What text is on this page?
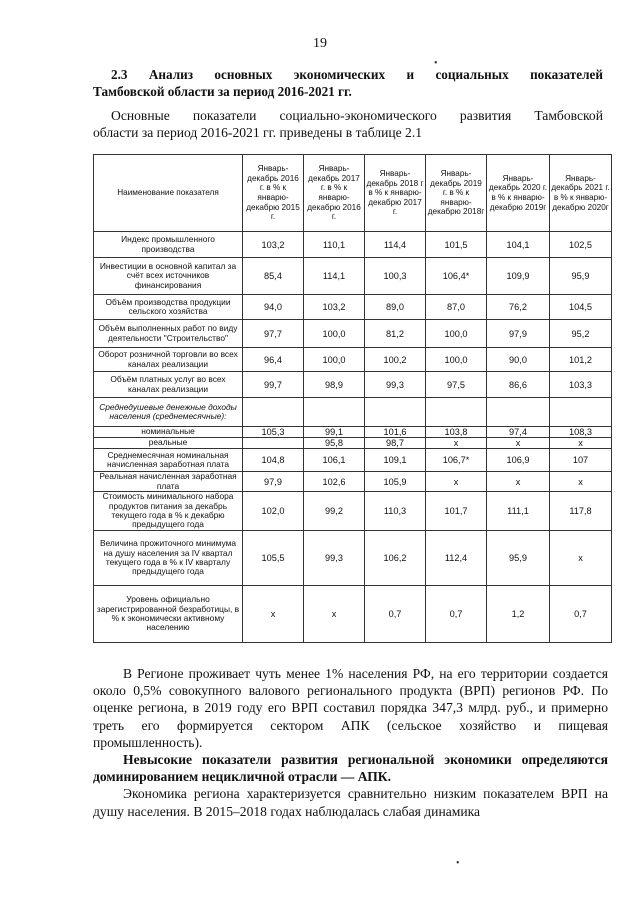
19
•
2.3 Анализ основных экономических и социальных показателей
Тамбовской области за период 2016-2021 гг.
Основные показатели социально-экономического развития Тамбовской
области за период 2016-2021 гг. приведены в таблице 2.1
Наименование показателя	Январь-декабрь 2016 г. в % к январю-декабрю 2015 г.	Январь-декабрь 2017 г. в % к январю-декабрю 2016 г.	Январь-декабрь 2018 г в % к январю-декабрю 2017 г.	Январь-декабрь 2019 г. в % к январю-декабрю 2018г	Январь-декабрь 2020 г. в % к январю-декабрю 2019г	Январь-декабрь 2021 г. в % к январю-декабрю 2020г
Индекс промышленного производства	103,2	110,1	114,4	101,5	104,1	102,5
Инвестиции в основной капитал за счёт всех источников финансирования	85,4	114,1	100,3	106,4*	109,9	95,9
Объём производства продукции сельского хозяйства	94,0	103,2	89,0	87,0	76,2	104,5
Объём выполненных работ по виду деятельности "Строительство"	97,7	100,0	81,2	100,0	97,9	95,2
Оборот розничной торговли во всех каналах реализации	96,4	100,0	100,2	100,0	90,0	101,2
Объём платных услуг во всех каналах реализации	99,7	98,9	99,3	97,5	86,6	103,3
Среднедушевые денежные доходы населения (среднемесячные):						
номинальные	105,3	99,1	101,6	103,8	97,4	108,3
реальные		95,8	98,7	x	x	x
Среднемесячная номинальная начисленная заработная плата	104,8	106,1	109,1	106,7*	106,9	107
Реальная начисленная заработная плата	97,9	102,6	105,9	x	x	x
Стоимость минимального набора продуктов питания за декабрь текущего года в % к декабрю предыдущего года	102,0	99,2	110,3	101,7	111,1	117,8
Величина прожиточного минимума на душу населения за IV квартал текущего года в % к IV кварталу предыдущего года	105,5	99,3	106,2	112,4	95,9	x
Уровень официально зарегистрированной безработицы, в % к экономически активному населению	x	x	0,7	0,7	1,2	0,7

В Регионе проживает чуть менее 1% населения РФ, на его территории создается около 0,5% совокупного валового регионального продукта (ВРП) регионов РФ. По оценке региона, в 2019 году его ВРП составил порядка 347,3 млрд. руб., и примерно треть его формируется сектором АПК (сельское хозяйство и пищевая промышленность).

Невысокие показатели развития региональной экономики определяются доминированием нецикличной отрасли — АПК.

Экономика региона характеризуется сравнительно низким показателем ВРП на душу населения. В 2015–2018 годах наблюдалась слабая динамика

•
